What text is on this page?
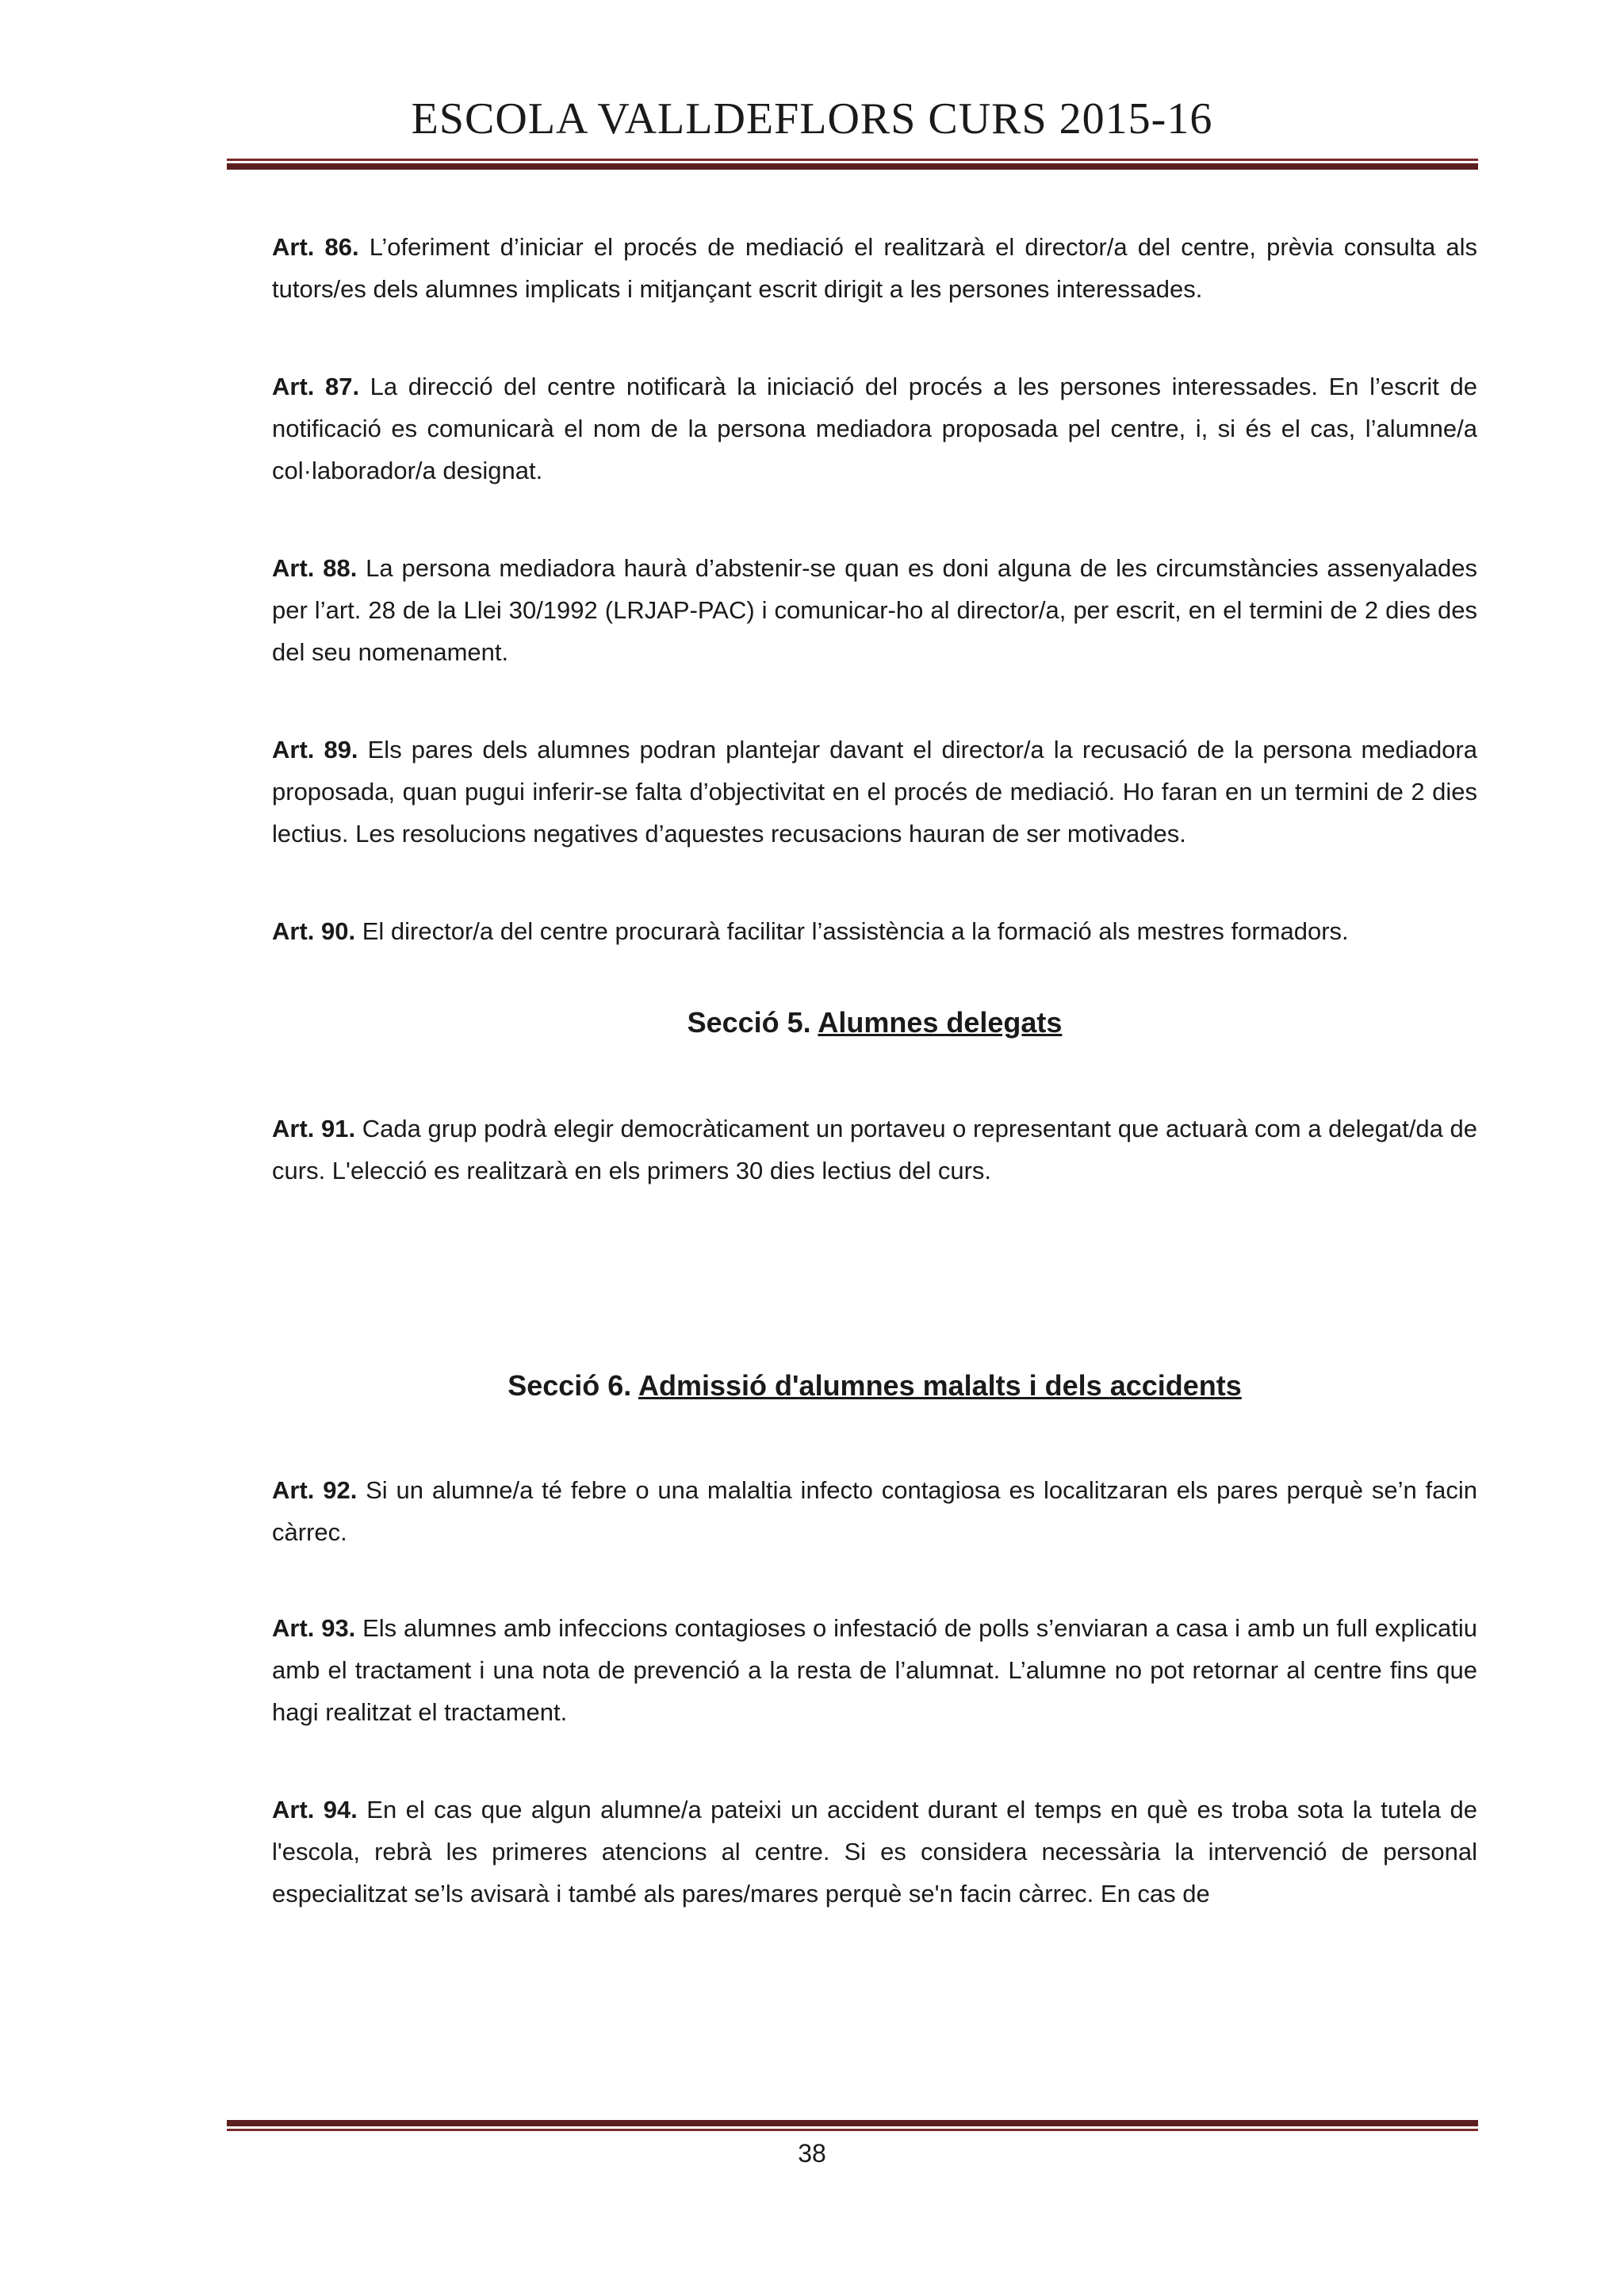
ESCOLA VALLDEFLORS CURS 2015-16

Art. 86. L’oferiment d’iniciar el procés de mediació el realitzarà el director/a del centre, prèvia consulta als tutors/es dels alumnes implicats i mitjançant escrit dirigit a les persones interessades.

Art. 87. La direcció del centre notificarà la iniciació del procés a les persones interessades. En l’escrit de notificació es comunicarà el nom de la persona mediadora proposada pel centre, i, si és el cas, l’alumne/a col·laborador/a designat.

Art. 88. La persona mediadora haurà d’abstenir-se quan es doni alguna de les circumstàncies assenyalades per l’art. 28 de la Llei 30/1992 (LRJAP-PAC) i comunicar-ho al director/a, per escrit, en el termini de 2 dies des del seu nomenament.

Art. 89. Els pares dels alumnes podran plantejar davant el director/a la recusació de la persona mediadora proposada, quan pugui inferir-se falta d’objectivitat en el procés de mediació. Ho faran en un termini de 2 dies lectius. Les resolucions negatives d’aquestes recusacions hauran de ser motivades.

Art. 90. El director/a del centre procurarà facilitar l’assistència a la formació als mestres formadors.

Secció 5. Alumnes delegats

Art. 91. Cada grup podrà elegir democràticament un portaveu o representant que actuarà com a delegat/da de curs. L'elecció es realitzarà en els primers 30 dies lectius del curs.

Secció 6. Admissió d'alumnes malalts i dels accidents

Art. 92. Si un alumne/a té febre o una malaltia infecto contagiosa es localitzaran els pares perquè se’n facin càrrec.

Art. 93. Els alumnes amb infeccions contagioses o infestació de polls s’enviaran a casa i amb un full explicatiu amb el tractament i una nota de prevenció a la resta de l’alumnat. L’alumne no pot retornar al centre fins que hagi realitzat el tractament.

Art. 94. En el cas que algun alumne/a pateixi un accident durant el temps en què es troba sota la tutela de l'escola, rebrà les primeres atencions al centre. Si es considera necessària la intervenció de personal especialitzat se’ls avisarà i també als pares/mares perquè se'n facin càrrec. En cas de

38
